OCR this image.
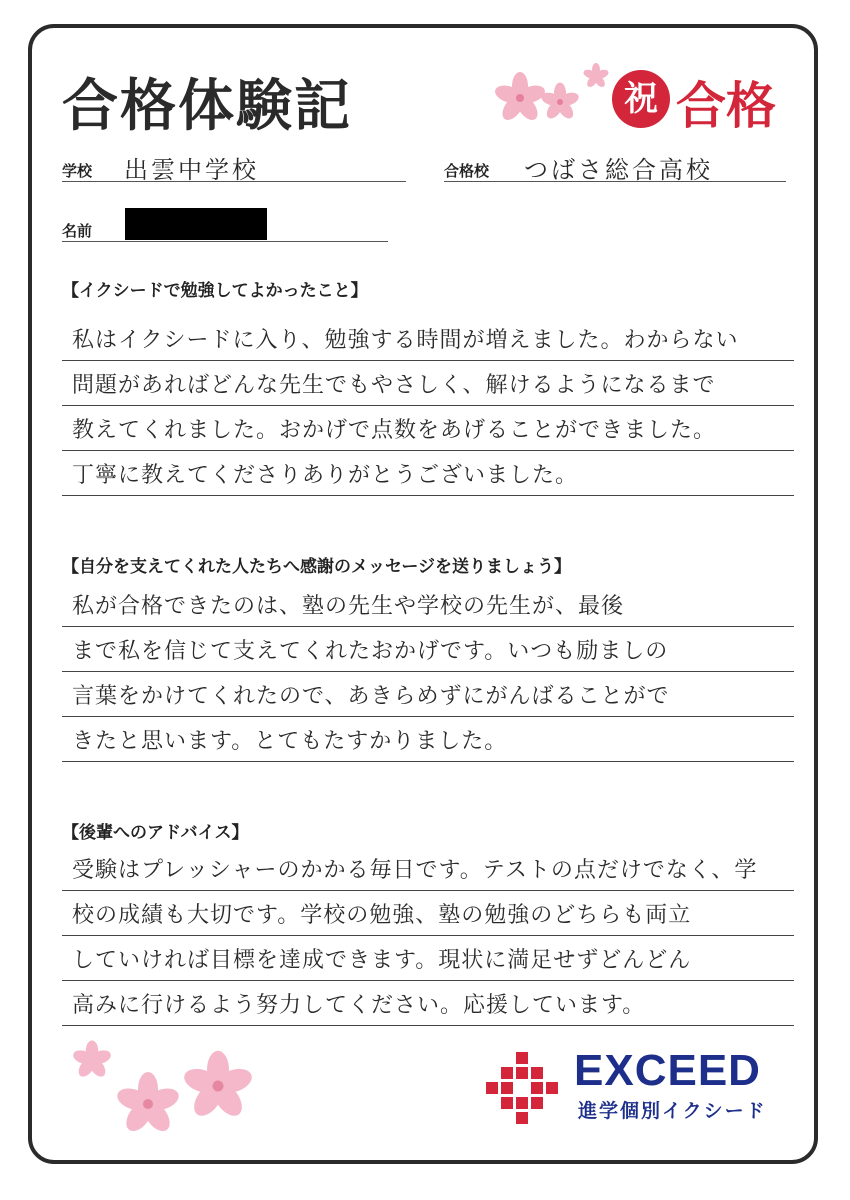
合格体験記	祝 合格
学校 出雲中学校	合格校 つばさ総合高校
名前
【イクシードで勉強してよかったこと】
私はイクシードに入り、勉強する時間が増えました。わからない
問題があればどんな先生でもやさしく、解けるようになるまで
教えてくれました。おかげで点数をあげることができました。
丁寧に教えてくださりありがとうございました。
【自分を支えてくれた人たちへ感謝のメッセージを送りましょう】
私が合格できたのは、塾の先生や学校の先生が、最後
まで私を信じて支えてくれたおかげです。いつも励ましの
言葉をかけてくれたので、あきらめずにがんばることがで
きたと思います。とてもたすかりました。
【後輩へのアドバイス】
受験はプレッシャーのかかる毎日です。テストの点だけでなく、学
校の成績も大切です。学校の勉強、塾の勉強のどちらも両立
していければ目標を達成できます。現状に満足せずどんどん
高みに行けるよう努力してください。応援しています。
EXCEED
進学個別イクシード
